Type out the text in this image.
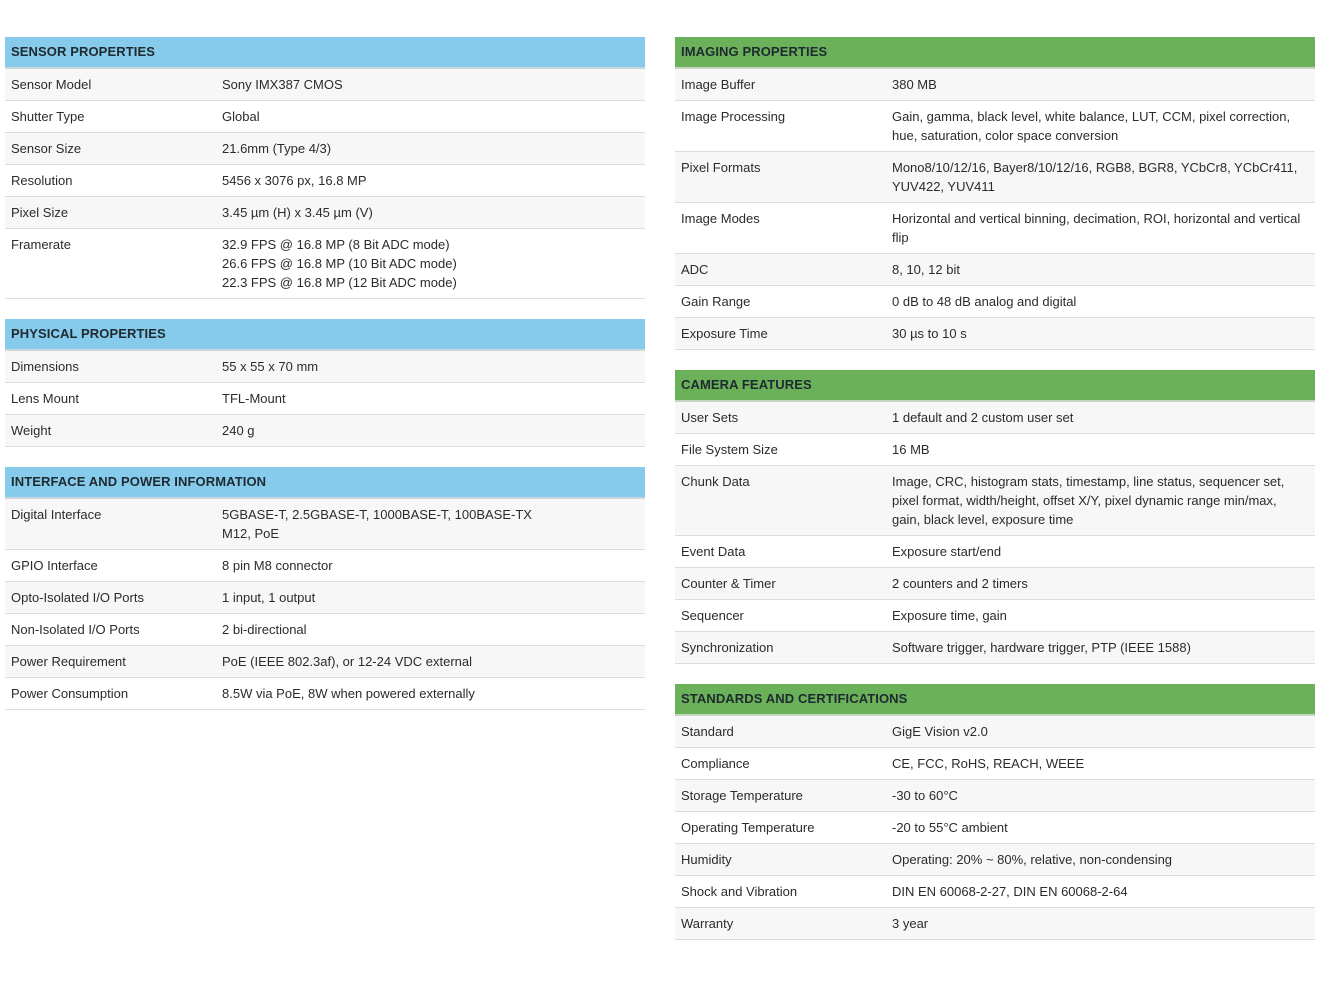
SENSOR PROPERTIES
Sensor Model	Sony IMX387 CMOS
Shutter Type	Global
Sensor Size	21.6mm (Type 4/3)
Resolution	5456 x 3076 px, 16.8 MP
Pixel Size	3.45 µm (H) x 3.45 µm (V)
Framerate	32.9 FPS @ 16.8 MP (8 Bit ADC mode)
26.6 FPS @ 16.8 MP (10 Bit ADC mode)
22.3 FPS @ 16.8 MP (12 Bit ADC mode)
PHYSICAL PROPERTIES
Dimensions	55 x 55 x 70 mm
Lens Mount	TFL-Mount
Weight	240 g
INTERFACE AND POWER INFORMATION
Digital Interface	5GBASE-T, 2.5GBASE-T, 1000BASE-T, 100BASE-TX
M12, PoE
GPIO Interface	8 pin M8 connector
Opto-Isolated I/O Ports	1 input, 1 output
Non-Isolated I/O Ports	2 bi-directional
Power Requirement	PoE (IEEE 802.3af), or 12-24 VDC external
Power Consumption	8.5W via PoE, 8W when powered externally
IMAGING PROPERTIES
Image Buffer	380 MB
Image Processing	Gain, gamma, black level, white balance, LUT, CCM, pixel correction, hue, saturation, color space conversion
Pixel Formats	Mono8/10/12/16, Bayer8/10/12/16, RGB8, BGR8, YCbCr8, YCbCr411, YUV422, YUV411
Image Modes	Horizontal and vertical binning, decimation, ROI, horizontal and vertical flip
ADC	8, 10, 12 bit
Gain Range	0 dB to 48 dB analog and digital
Exposure Time	30 µs to 10 s
CAMERA FEATURES
User Sets	1 default and 2 custom user set
File System Size	16 MB
Chunk Data	Image, CRC, histogram stats, timestamp, line status, sequencer set, pixel format, width/height, offset X/Y, pixel dynamic range min/max, gain, black level, exposure time
Event Data	Exposure start/end
Counter & Timer	2 counters and 2 timers
Sequencer	Exposure time, gain
Synchronization	Software trigger, hardware trigger, PTP (IEEE 1588)
STANDARDS AND CERTIFICATIONS
Standard	GigE Vision v2.0
Compliance	CE, FCC, RoHS, REACH, WEEE
Storage Temperature	-30 to 60°C
Operating Temperature	-20 to 55°C ambient
Humidity	Operating: 20% ~ 80%, relative, non-condensing
Shock and Vibration	DIN EN 60068-2-27, DIN EN 60068-2-64
Warranty	3 year
